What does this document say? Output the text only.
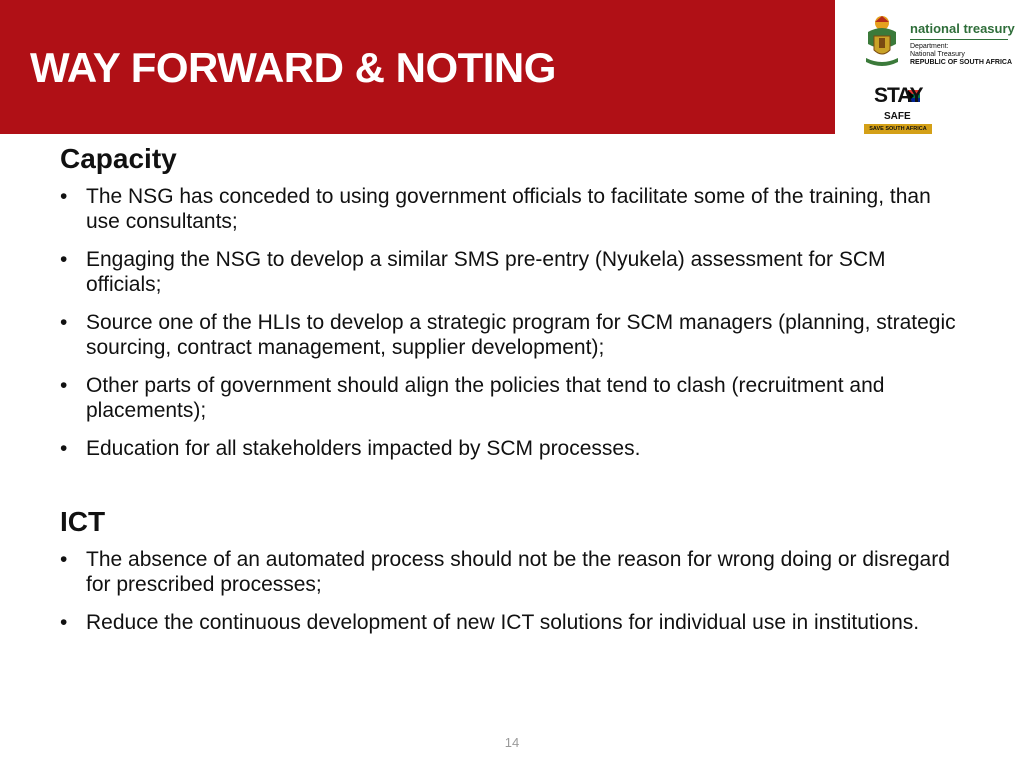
WAY FORWARD & NOTING
national treasury
Department:
National Treasury
REPUBLIC OF SOUTH AFRICA
STAY
SAFE
SAVE SOUTH AFRICA
Capacity
• The NSG has conceded to using government officials to facilitate some of the training, than use consultants;
• Engaging the NSG to develop a similar SMS pre-entry (Nyukela) assessment for SCM officials;
• Source one of the HLIs to develop a strategic program for SCM managers (planning, strategic sourcing, contract management, supplier development);
• Other parts of government should align the policies that tend to clash (recruitment and placements);
• Education for all stakeholders impacted by SCM processes.
ICT
• The absence of an automated process should not be the reason for wrong doing or disregard for prescribed processes;
• Reduce the continuous development of new ICT solutions for individual use in institutions.
14
